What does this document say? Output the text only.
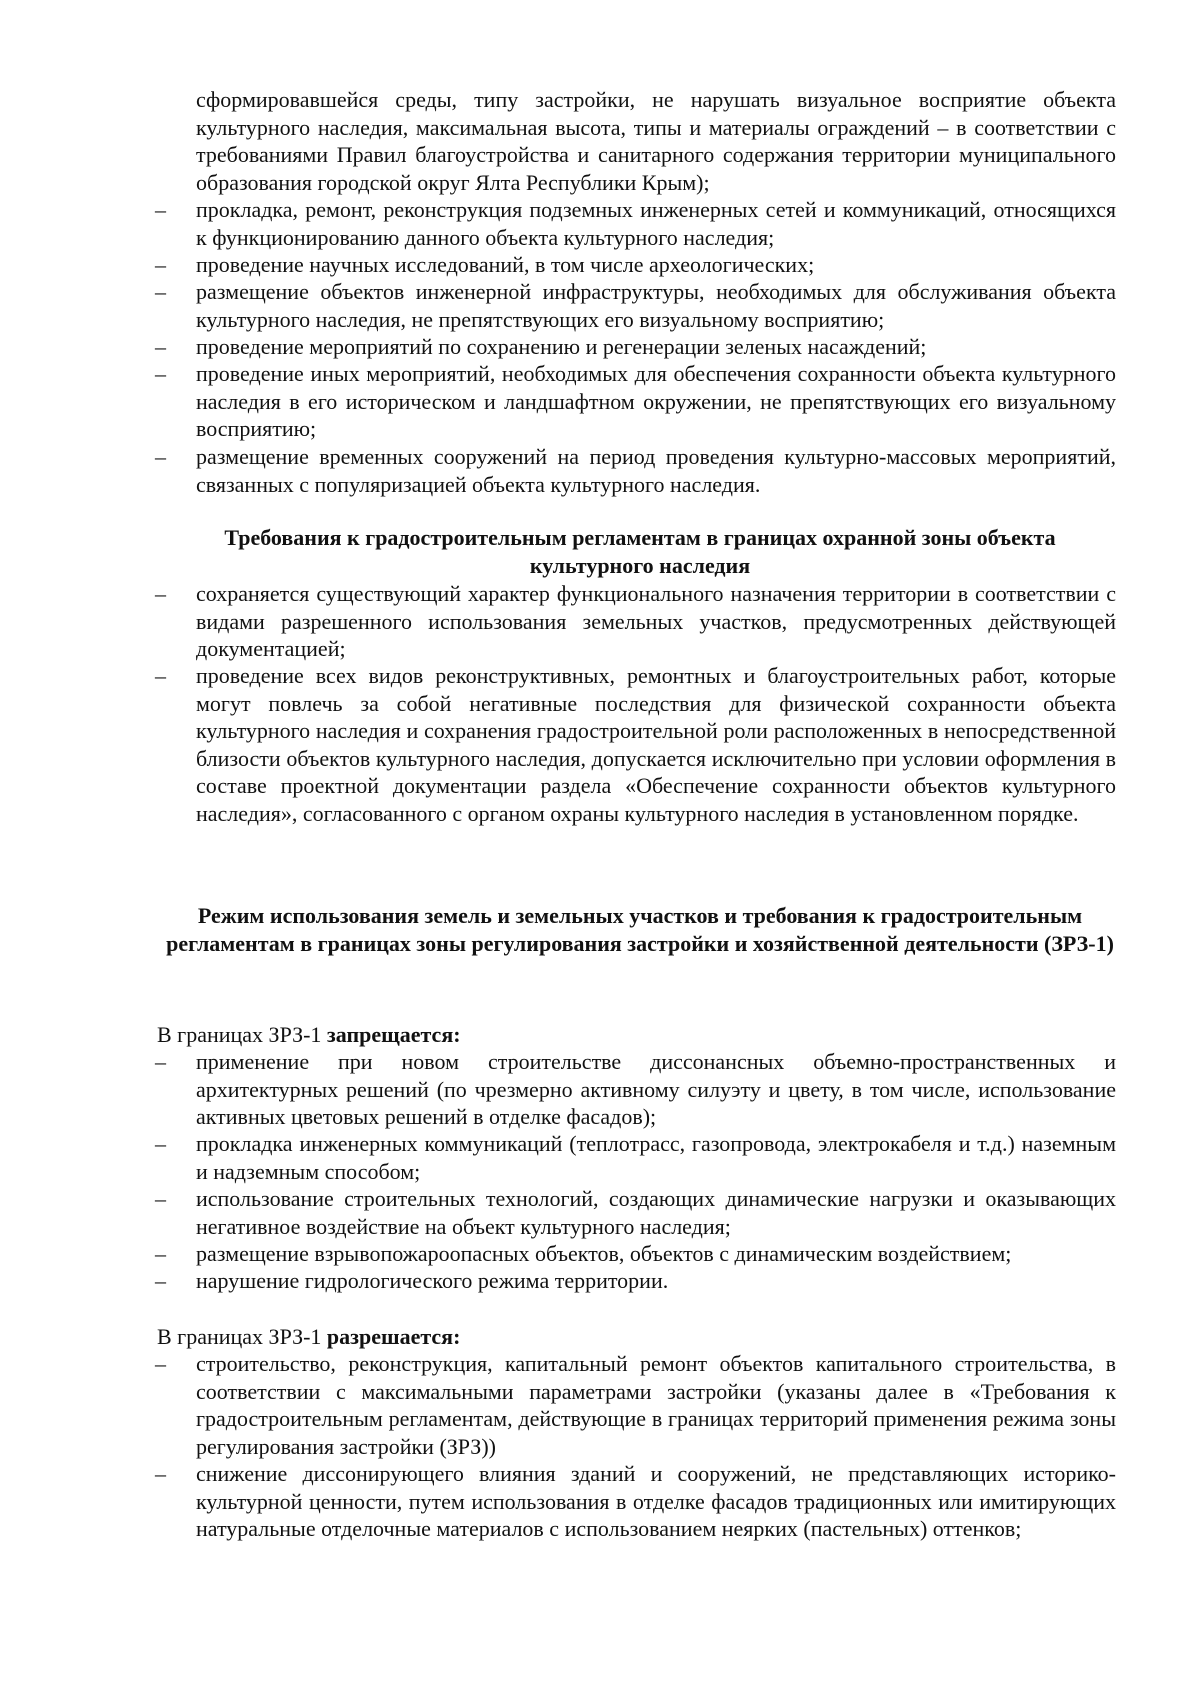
сформировавшейся среды, типу застройки, не нарушать визуальное восприятие объекта культурного наследия, максимальная высота, типы и материалы ограждений – в соответствии с требованиями Правил благоустройства и санитарного содержания территории муниципального образования городской округ Ялта Республики Крым);

– прокладка, ремонт, реконструкция подземных инженерных сетей и коммуникаций, относящихся к функционированию данного объекта культурного наследия;

– проведение научных исследований, в том числе археологических;

– размещение объектов инженерной инфраструктуры, необходимых для обслуживания объекта культурного наследия, не препятствующих его визуальному восприятию;

– проведение мероприятий по сохранению и регенерации зеленых насаждений;

– проведение иных мероприятий, необходимых для обеспечения сохранности объекта культурного наследия в его историческом и ландшафтном окружении, не препятствующих его визуальному восприятию;

– размещение временных сооружений на период проведения культурно-массовых мероприятий, связанных с популяризацией объекта культурного наследия.

Требования к градостроительным регламентам в границах охранной зоны объекта культурного наследия

– сохраняется существующий характер функционального назначения территории в соответствии с видами разрешенного использования земельных участков, предусмотренных действующей документацией;

– проведение всех видов реконструктивных, ремонтных и благоустроительных работ, которые могут повлечь за собой негативные последствия для физической сохранности объекта культурного наследия и сохранения градостроительной роли расположенных в непосредственной близости объектов культурного наследия, допускается исключительно при условии оформления в составе проектной документации раздела «Обеспечение сохранности объектов культурного наследия», согласованного с органом охраны культурного наследия в установленном порядке.

Режим использования земель и земельных участков и требования к градостроительным регламентам в границах зоны регулирования застройки и хозяйственной деятельности (ЗРЗ-1)

В границах ЗРЗ-1 запрещается:

– применение при новом строительстве диссонансных объемно-пространственных и архитектурных решений (по чрезмерно активному силуэту и цвету, в том числе, использование активных цветовых решений в отделке фасадов);

– прокладка инженерных коммуникаций (теплотрасс, газопровода, электрокабеля и т.д.) наземным и надземным способом;

– использование строительных технологий, создающих динамические нагрузки и оказывающих негативное воздействие на объект культурного наследия;

– размещение взрывопожароопасных объектов, объектов с динамическим воздействием;

– нарушение гидрологического режима территории.

В границах ЗРЗ-1 разрешается:

– строительство, реконструкция, капитальный ремонт объектов капитального строительства, в соответствии с максимальными параметрами застройки (указаны далее в «Требования к градостроительным регламентам, действующие в границах территорий применения режима зоны регулирования застройки (ЗРЗ))

– снижение диссонирующего влияния зданий и сооружений, не представляющих историко-культурной ценности, путем использования в отделке фасадов традиционных или имитирующих натуральные отделочные материалов с использованием неярких (пастельных) оттенков;
